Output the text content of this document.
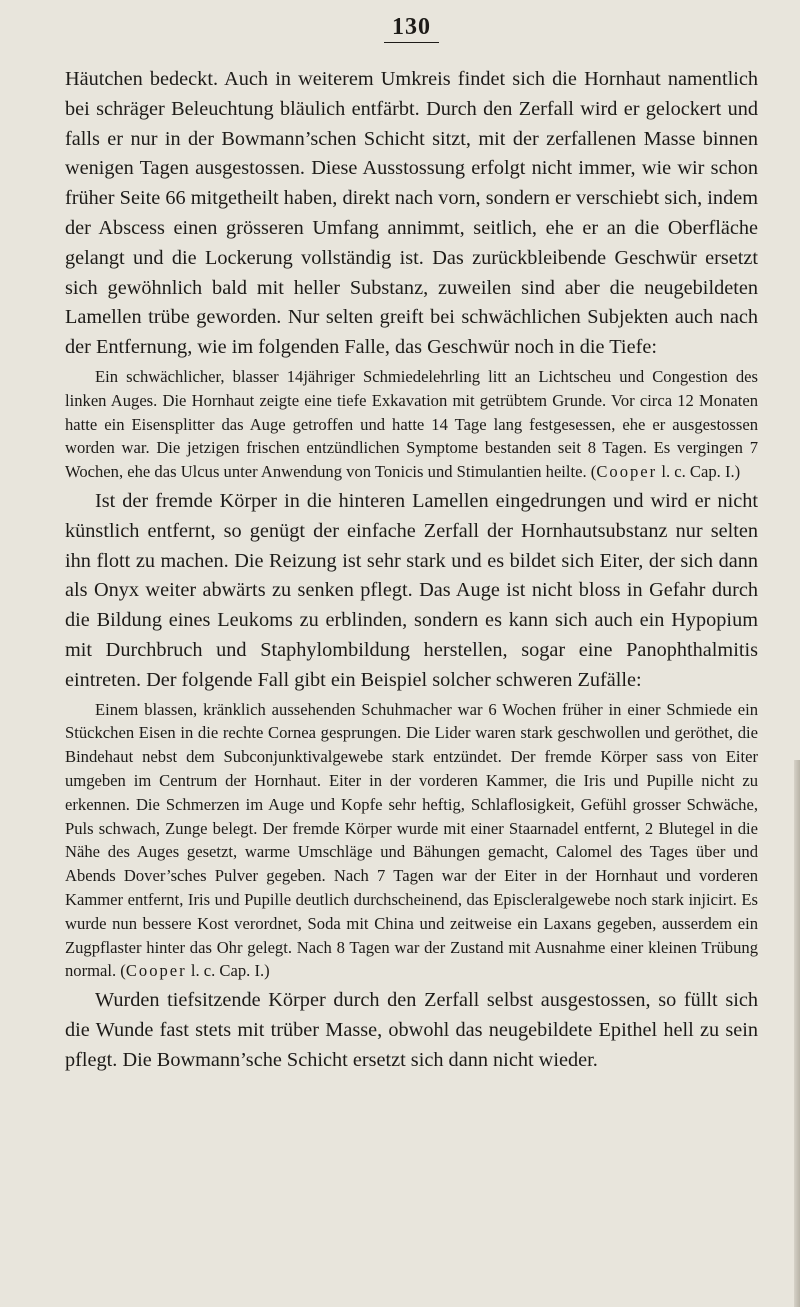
130

Häutchen bedeckt. Auch in weiterem Umkreis findet sich die Hornhaut namentlich bei schräger Beleuchtung bläulich entfärbt. Durch den Zerfall wird er gelockert und falls er nur in der Bowmann’schen Schicht sitzt, mit der zerfallenen Masse binnen wenigen Tagen ausgestossen. Diese Ausstossung erfolgt nicht immer, wie wir schon früher Seite 66 mitgetheilt haben, direkt nach vorn, sondern er verschiebt sich, indem der Abscess einen grösseren Umfang annimmt, seitlich, ehe er an die Oberfläche gelangt und die Lockerung vollständig ist. Das zurückbleibende Geschwür ersetzt sich gewöhnlich bald mit heller Substanz, zuweilen sind aber die neugebildeten Lamellen trübe geworden. Nur selten greift bei schwächlichen Subjekten auch nach der Entfernung, wie im folgenden Falle, das Geschwür noch in die Tiefe:

Ein schwächlicher, blasser 14jähriger Schmiedelehrling litt an Lichtscheu und Congestion des linken Auges. Die Hornhaut zeigte eine tiefe Exkavation mit getrübtem Grunde. Vor circa 12 Monaten hatte ein Eisensplitter das Auge getroffen und hatte 14 Tage lang festgesessen, ehe er ausgestossen worden war. Die jetzigen frischen entzündlichen Symptome bestanden seit 8 Tagen. Es vergingen 7 Wochen, ehe das Ulcus unter Anwendung von Tonicis und Stimulantien heilte. (Cooper l. c. Cap. I.)

Ist der fremde Körper in die hinteren Lamellen eingedrungen und wird er nicht künstlich entfernt, so genügt der einfache Zerfall der Hornhautsubstanz nur selten ihn flott zu machen. Die Reizung ist sehr stark und es bildet sich Eiter, der sich dann als Onyx weiter abwärts zu senken pflegt. Das Auge ist nicht bloss in Gefahr durch die Bildung eines Leukoms zu erblinden, sondern es kann sich auch ein Hypopium mit Durchbruch und Staphylombildung herstellen, sogar eine Panophthalmitis eintreten. Der folgende Fall gibt ein Beispiel solcher schweren Zufälle:

Einem blassen, kränklich aussehenden Schuhmacher war 6 Wochen früher in einer Schmiede ein Stückchen Eisen in die rechte Cornea gesprungen. Die Lider waren stark geschwollen und geröthet, die Bindehaut nebst dem Subconjunktivalgewebe stark entzündet. Der fremde Körper sass von Eiter umgeben im Centrum der Hornhaut. Eiter in der vorderen Kammer, die Iris und Pupille nicht zu erkennen. Die Schmerzen im Auge und Kopfe sehr heftig, Schlaflosigkeit, Gefühl grosser Schwäche, Puls schwach, Zunge belegt. Der fremde Körper wurde mit einer Staarnadel entfernt, 2 Blutegel in die Nähe des Auges gesetzt, warme Umschläge und Bähungen gemacht, Calomel des Tages über und Abends Dover’sches Pulver gegeben. Nach 7 Tagen war der Eiter in der Hornhaut und vorderen Kammer entfernt, Iris und Pupille deutlich durchscheinend, das Episcleralgewebe noch stark injicirt. Es wurde nun bessere Kost verordnet, Soda mit China und zeitweise ein Laxans gegeben, ausserdem ein Zugpflaster hinter das Ohr gelegt. Nach 8 Tagen war der Zustand mit Ausnahme einer kleinen Trübung normal. (Cooper l. c. Cap. I.)

Wurden tiefsitzende Körper durch den Zerfall selbst ausgestossen, so füllt sich die Wunde fast stets mit trüber Masse, obwohl das neugebildete Epithel hell zu sein pflegt. Die Bowmann’sche Schicht ersetzt sich dann nicht wieder.
